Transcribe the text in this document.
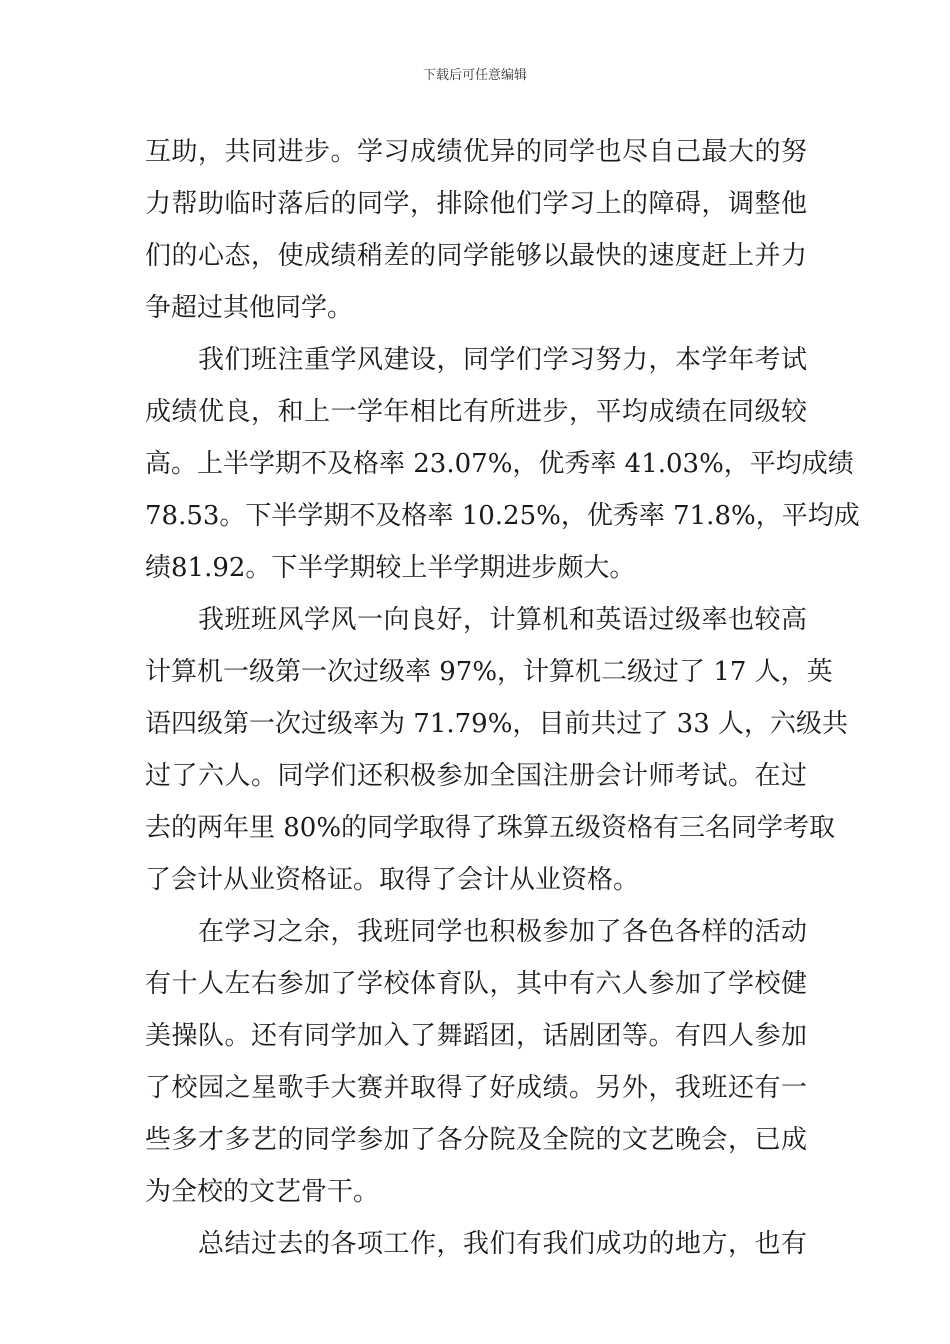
下载后可任意编辑
互助，共同进步。学习成绩优异的同学也尽自己最大的努
力帮助临时落后的同学，排除他们学习上的障碍，调整他
们的心态，使成绩稍差的同学能够以最快的速度赶上并力
争超过其他同学。
我们班注重学风建设，同学们学习努力，本学年考试
成绩优良，和上一学年相比有所进步，平均成绩在同级较
高。上半学期不及格率 23.07%，优秀率 41.03%，平均成绩
78.53。下半学期不及格率 10.25%，优秀率 71.8%，平均成
绩81.92。下半学期较上半学期进步颇大。
我班班风学风一向良好，计算机和英语过级率也较高
计算机一级第一次过级率 97%，计算机二级过了 17 人，英
语四级第一次过级率为 71.79%，目前共过了 33 人，六级共
过了六人。同学们还积极参加全国注册会计师考试。在过
去的两年里 80%的同学取得了珠算五级资格有三名同学考取
了会计从业资格证。取得了会计从业资格。
在学习之余，我班同学也积极参加了各色各样的活动
有十人左右参加了学校体育队，其中有六人参加了学校健
美操队。还有同学加入了舞蹈团，话剧团等。有四人参加
了校园之星歌手大赛并取得了好成绩。另外，我班还有一
些多才多艺的同学参加了各分院及全院的文艺晚会，已成
为全校的文艺骨干。
总结过去的各项工作，我们有我们成功的地方，也有
